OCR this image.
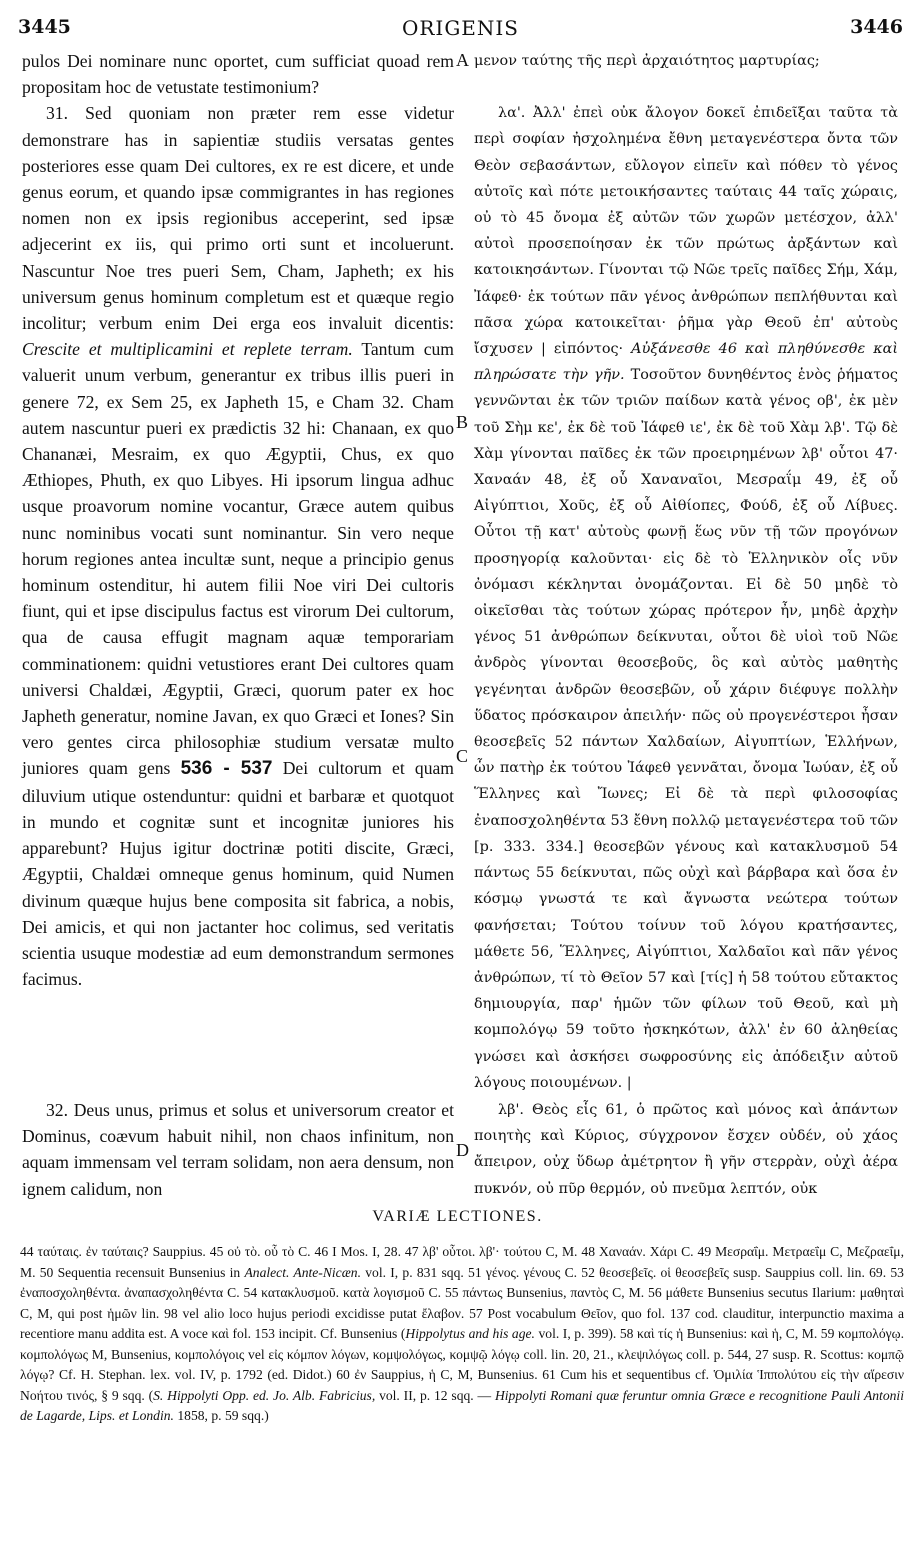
3445	ORIGENIS	3446
pulos Dei nominare nunc oportet, cum sufficiat quoad rem propositam hoc de vetustate testimonium?
31. Sed quoniam non præter rem esse videtur demonstrare has in sapientiæ studiis versatas gentes posteriores esse quam Dei cultores, ex re est dicere, et unde genus eorum, et quando ipsæ commigrantes in has regiones nomen non ex ipsis regionibus acceperint, sed ipsæ adjecerint ex iis, qui primo orti sunt et incoluerunt. Nascuntur Noe tres pueri Sem, Cham, Japheth; ex his universum genus hominum completum est et quæque regio incolitur; verbum enim Dei erga eos invaluit dicentis: Crescite et multiplicamini et replete terram. Tantum cum valuerit unum verbum, generantur ex tribus illis pueri in genere 72, ex Sem 25, ex Japheth 15, e Cham 32. Cham autem nascuntur pueri ex prædictis 32 hi: Chanaan, ex quo Chananæi, Mesraim, ex quo Ægyptii, Chus, ex quo Æthiopes, Phuth, ex quo Libyes. Hi ipsorum lingua adhuc usque proavorum nomine vocantur, Græce autem quibus nunc nominibus vocati sunt nominantur. Sin vero neque horum regiones antea incultæ sunt, neque a principio genus hominum ostenditur, hi autem filii Noe viri Dei cultoris fiunt, qui et ipse discipulus factus est virorum Dei cultorum, qua de causa effugit magnam aquæ temporariam comminationem: quidni vetustiores erant Dei cultores quam universi Chaldæi, Ægyptii, Græci, quorum pater ex hoc Japheth generatur, nomine Javan, ex quo Græci et Iones? Sin vero gentes circa philosophiæ studium versatæ multo juniores quam gens 536 - 537 Dei cultorum et quam diluvium utique ostenduntur: quidni et barbaræ et quotquot in mundo et cognitæ sunt et incognitæ juniores his apparebunt? Hujus igitur doctrinæ potiti discite, Græci, Ægyptii, Chaldæi omneque genus hominum, quid Numen divinum quæque hujus bene composita sit fabrica, a nobis, Dei amicis, et qui non jactanter hoc colimus, sed veritatis scientia usuque modestiæ ad eum demonstrandum sermones facimus.
32. Deus unus, primus et solus et universorum creator et Dominus, coævum habuit nihil, non chaos infinitum, non aquam immensam vel terram solidam, non aera densum, non ignem calidum, non
A
B
C
D
μενον ταύτης τῆς περὶ ἀρχαιότητος μαρτυρίας;
λα'. Ἀλλ' ἐπεὶ οὐκ ἄλογον δοκεῖ ἐπιδεῖξαι ταῦτα τὰ περὶ σοφίαν ἠσχολημένα ἔθνη μεταγενέστερα ὄντα τῶν Θεὸν σεβασάντων, εὔλογον εἰπεῖν καὶ πόθεν τὸ γένος αὐτοῖς καὶ πότε μετοικήσαντες ταύταις 44 ταῖς χώραις, οὐ τὸ 45 ὄνομα ἐξ αὐτῶν τῶν χωρῶν μετέσχον, ἀλλ' αὐτοὶ προσεποίησαν ἐκ τῶν πρώτως ἀρξάντων καὶ κατοικησάντων. Γίνονται τῷ Νῶε τρεῖς παῖδες Σήμ, Χάμ, Ἰάφεθ· ἐκ τούτων πᾶν γένος ἀνθρώπων πεπλήθυνται καὶ πᾶσα χώρα κατοικεῖται· ῥῆμα γὰρ Θεοῦ ἐπ' αὐτοὺς ἴσχυσεν | εἰπόντος· Αὐξάνεσθε 46 καὶ πληθύνεσθε καὶ πληρώσατε τὴν γῆν. Τοσοῦτον δυνηθέντος ἑνὸς ῥήματος γεννῶνται ἐκ τῶν τριῶν παίδων κατὰ γένος οβ', ἐκ μὲν τοῦ Σὴμ κε', ἐκ δὲ τοῦ Ἰάφεθ ιε', ἐκ δὲ τοῦ Χὰμ λβ'. Τῷ δὲ Χὰμ γίνονται παῖδες ἐκ τῶν προειρημένων λβ' οὗτοι 47· Χαναάν 48, ἐξ οὗ Χαναναῖοι, Μεσραΐμ 49, ἐξ οὗ Αἰγύπτιοι, Χοῦς, ἐξ οὗ Αἰθίοπες, Φούδ, ἐξ οὗ Λίβυες. Οὗτοι τῇ κατ' αὐτοὺς φωνῇ ἕως νῦν τῇ τῶν προγόνων προσηγορίᾳ καλοῦνται· εἰς δὲ τὸ Ἑλληνικὸν οἷς νῦν ὀνόμασι κέκληνται ὀνομάζονται. Εἰ δὲ 50 μηδὲ τὸ οἰκεῖσθαι τὰς τούτων χώρας πρότερον ἦν, μηδὲ ἀρχὴν γένος 51 ἀνθρώπων δείκνυται, οὗτοι δὲ υἱοὶ τοῦ Νῶε ἀνδρὸς γίνονται θεοσεβοῦς, ὃς καὶ αὐτὸς μαθητὴς γεγένηται ἀνδρῶν θεοσεβῶν, οὗ χάριν διέφυγε πολλὴν ὕδατος πρόσκαιρον ἀπειλήν· πῶς οὐ προγενέστεροι ἦσαν θεοσεβεῖς 52 πάντων Χαλδαίων, Αἰγυπτίων, Ἑλλήνων, ὧν πατὴρ ἐκ τούτου Ἰάφεθ γεννᾶται, ὄνομα Ἰωύαν, ἐξ οὗ Ἕλληνες καὶ Ἴωνες; Εἰ δὲ τὰ περὶ φιλοσοφίας ἐναποσχοληθέντα 53 ἔθνη πολλῷ μεταγενέστερα τοῦ τῶν [p. 333. 334.] θεοσεβῶν γένους καὶ κατακλυσμοῦ 54 πάντως 55 δείκνυται, πῶς οὐχὶ καὶ βάρβαρα καὶ ὅσα ἐν κόσμῳ γνωστά τε καὶ ἄγνωστα νεώτερα τούτων φανήσεται; Τούτου τοίνυν τοῦ λόγου κρατήσαντες, μάθετε 56, Ἕλληνες, Αἰγύπτιοι, Χαλδαῖοι καὶ πᾶν γένος ἀνθρώπων, τί τὸ Θεῖον 57 καὶ [τίς] ἡ 58 τούτου εὔτακτος δημιουργία, παρ' ἡμῶν τῶν φίλων τοῦ Θεοῦ, καὶ μὴ κομπολόγῳ 59 τοῦτο ἠσκηκότων, ἀλλ' ἐν 60 ἀληθείας γνώσει καὶ ἀσκήσει σωφροσύνης εἰς ἀπόδειξιν αὐτοῦ λόγους ποιουμένων. |
λβ'. Θεὸς εἷς 61, ὁ πρῶτος καὶ μόνος καὶ ἁπάντων ποιητὴς καὶ Κύριος, σύγχρονον ἔσχεν οὐδέν, οὐ χάος ἄπειρον, οὐχ ὕδωρ ἀμέτρητον ἢ γῆν στερρὰν, οὐχὶ ἀέρα πυκνόν, οὐ πῦρ θερμόν, οὐ πνεῦμα λεπτόν, οὐκ
VARIÆ LECTIONES.
44 ταύταις. ἐν ταύταις? Sauppius. 45 οὐ τὸ. οὗ τὸ C. 46 I Mos. I, 28. 47 λβ' οὗτοι. λβ'· τούτου C, M. 48 Χαναάν. Χάρι C. 49 Μεσραΐμ. Μετραεΐμ C, Μεζραεΐμ, M. 50 Sequentia recensuit Bunsenius in Analect. Ante-Nicæn. vol. I, p. 831 sqq. 51 γένος. γένους C. 52 θεοσεβεῖς. οἱ θεοσεβεῖς susp. Sauppius coll. lin. 69. 53 ἐναποσχοληθέντα. ἀναπασχοληθέντα C. 54 κατακλυσμοῦ. κατὰ λογισμοῦ C. 55 πάντως Bunsenius, παντὸς C, M. 56 μάθετε Bunsenius secutus Ilarium: μαθηταὶ C, M, qui post ἡμῶν lin. 98 vel alio loco hujus periodi excidisse putat ἔλαβον. 57 Post vocabulum Θεῖον, quo fol. 137 cod. clauditur, interpunctio maxima a recentiore manu addita est. A voce καὶ fol. 153 incipit. Cf. Bunsenius (Hippolytus and his age. vol. I, p. 399). 58 καὶ τίς ἡ Bunsenius: καὶ ἡ, C, M. 59 κομπολόγῳ. κομπολόγως M, Bunsenius, κομπολόγοις vel εἰς κόμπον λόγων, κομψολόγως, κομψῷ λόγῳ coll. lin. 20, 21., κλεψιλόγως coll. p. 544, 27 susp. R. Scottus: κομπῷ λόγῳ? Cf. H. Stephan. lex. vol. IV, p. 1792 (ed. Didot.) 60 ἐν Sauppius, ἡ C, M, Bunsenius. 61 Cum his et sequentibus cf. Ὁμιλία Ἱππολύτου εἰς τὴν αἵρεσιν Νοήτου τινός, § 9 sqq. (S. Hippolyti Opp. ed. Jo. Alb. Fabricius, vol. II, p. 12 sqq. — Hippolyti Romani quæ feruntur omnia Græce e recognitione Pauli Antonii de Lagarde, Lips. et Londin. 1858, p. 59 sqq.)
